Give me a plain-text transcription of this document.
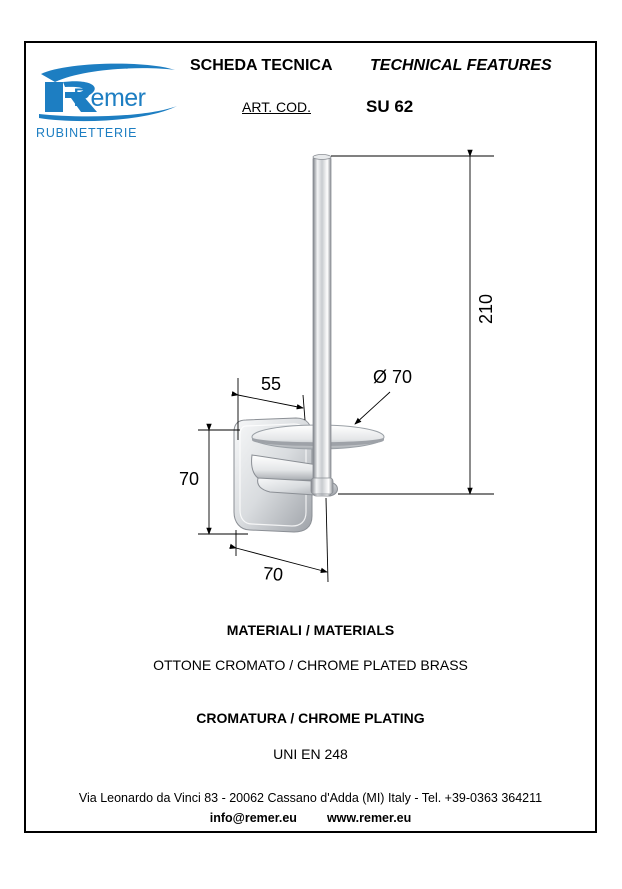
Remer
RUBINETTERIE
SCHEDA TECNICA TECHNICAL FEATURES
ART. COD.	SU 62
210
Ø 70
55
70
70
MATERIALI / MATERIALS
OTTONE CROMATO / CHROME PLATED BRASS
CROMATURA / CHROME PLATING
UNI EN 248
Via Leonardo da Vinci 83 - 20062 Cassano d'Adda (MI) Italy - Tel. +39-0363 364211
info@remer.eu www.remer.eu
